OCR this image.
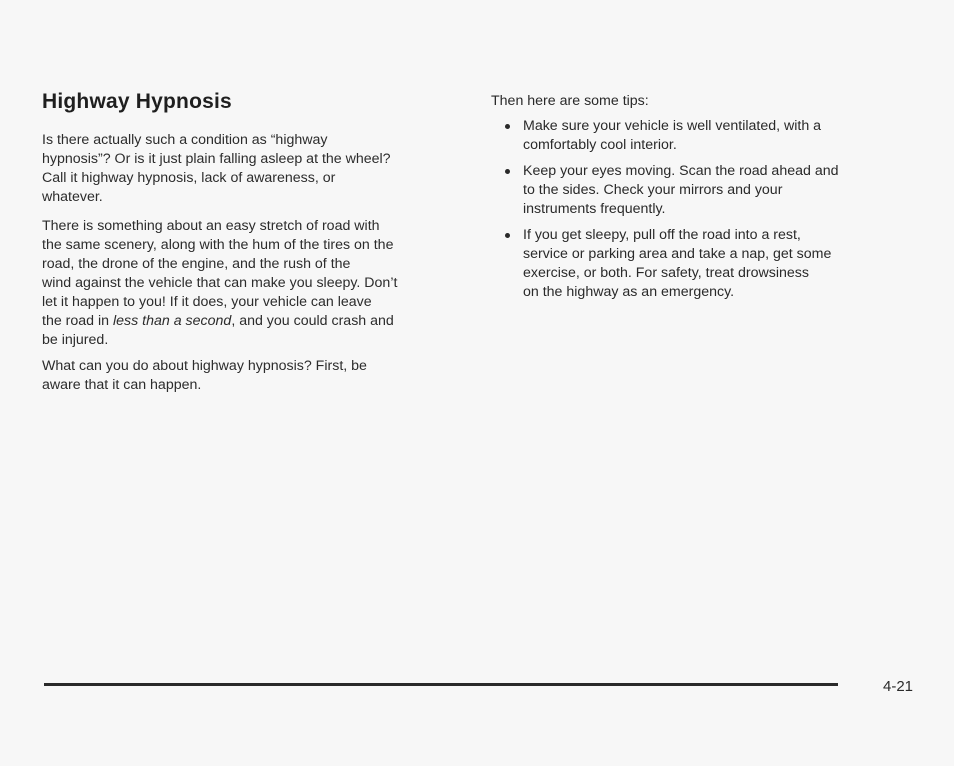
Highway Hypnosis

Is there actually such a condition as “highway
hypnosis”? Or is it just plain falling asleep at the wheel?
Call it highway hypnosis, lack of awareness, or
whatever.

There is something about an easy stretch of road with
the same scenery, along with the hum of the tires on the
road, the drone of the engine, and the rush of the
wind against the vehicle that can make you sleepy. Don’t
let it happen to you! If it does, your vehicle can leave
the road in less than a second, and you could crash and
be injured.

What can you do about highway hypnosis? First, be
aware that it can happen.

Then here are some tips:

Make sure your vehicle is well ventilated, with a
comfortably cool interior.
Keep your eyes moving. Scan the road ahead and
to the sides. Check your mirrors and your
instruments frequently.
If you get sleepy, pull off the road into a rest,
service or parking area and take a nap, get some
exercise, or both. For safety, treat drowsiness
on the highway as an emergency.
4-21
